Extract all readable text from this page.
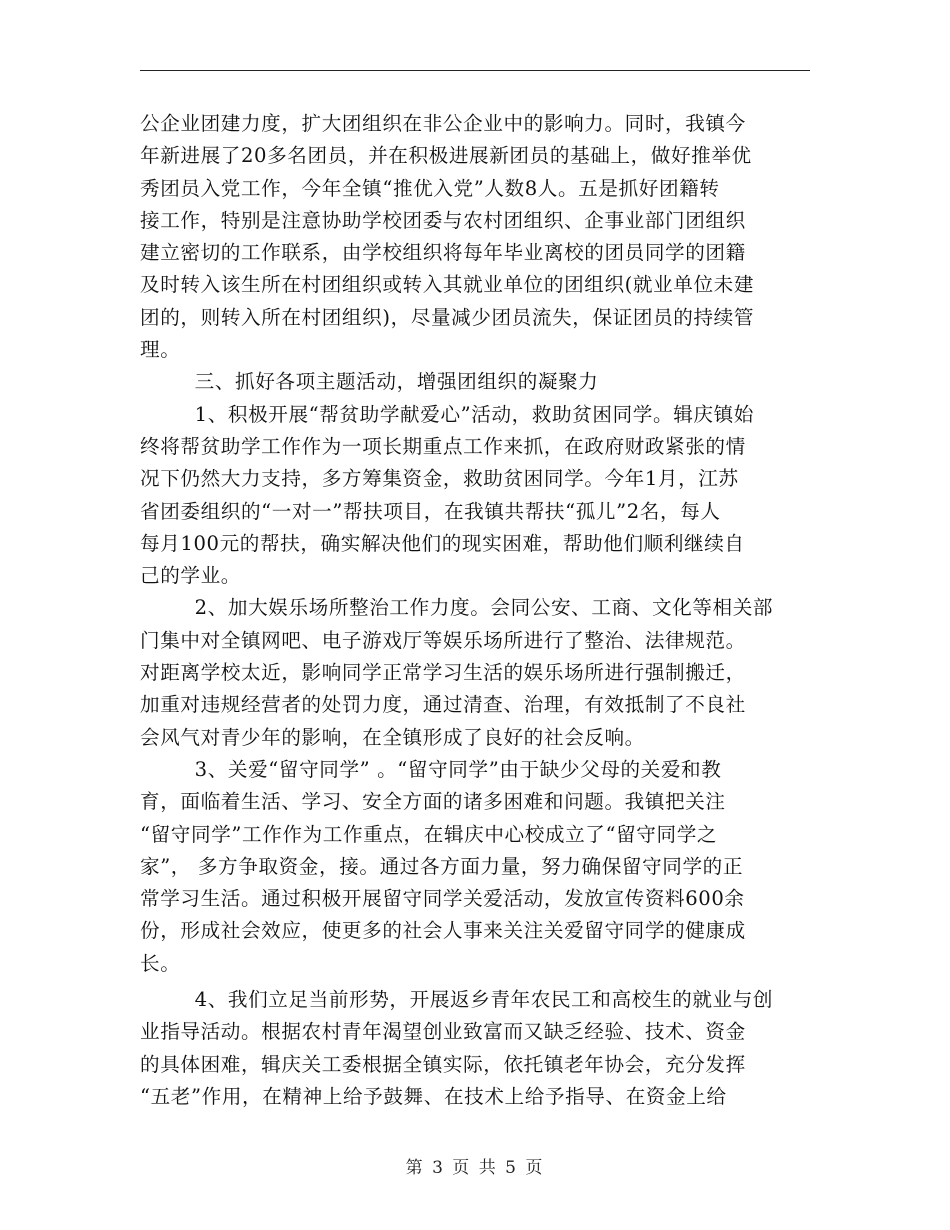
公企业团建力度，扩大团组织在非公企业中的影响力。同时，我镇今
年新进展了20多名团员，并在积极进展新团员的基础上，做好推举优
秀团员入党工作，今年全镇“推优入党”人数8人。五是抓好团籍转
接工作，特别是注意协助学校团委与农村团组织、企事业部门团组织
建立密切的工作联系，由学校组织将每年毕业离校的团员同学的团籍
及时转入该生所在村团组织或转入其就业单位的团组织(就业单位未建
团的，则转入所在村团组织)，尽量减少团员流失，保证团员的持续管
理。
三、抓好各项主题活动，增强团组织的凝聚力
1、积极开展“帮贫助学献爱心”活动，救助贫困同学。辑庆镇始
终将帮贫助学工作作为一项长期重点工作来抓，在政府财政紧张的情
况下仍然大力支持，多方筹集资金，救助贫困同学。今年1月，江苏
省团委组织的“一对一”帮扶项目，在我镇共帮扶“孤儿”2名，每人
每月100元的帮扶，确实解决他们的现实困难，帮助他们顺利继续自
己的学业。
2、加大娱乐场所整治工作力度。会同公安、工商、文化等相关部
门集中对全镇网吧、电子游戏厅等娱乐场所进行了整治、法律规范。
对距离学校太近，影响同学正常学习生活的娱乐场所进行强制搬迁，
加重对违规经营者的处罚力度，通过清查、治理，有效抵制了不良社
会风气对青少年的影响，在全镇形成了良好的社会反响。
3、关爱“留守同学” 。“留守同学”由于缺少父母的关爱和教
育，面临着生活、学习、安全方面的诸多困难和问题。我镇把关注
“留守同学”工作作为工作重点，在辑庆中心校成立了“留守同学之
家”， 多方争取资金，接。通过各方面力量，努力确保留守同学的正
常学习生活。通过积极开展留守同学关爱活动，发放宣传资料600余
份，形成社会效应，使更多的社会人事来关注关爱留守同学的健康成
长。
4、我们立足当前形势，开展返乡青年农民工和高校生的就业与创
业指导活动。根据农村青年渴望创业致富而又缺乏经验、技术、资金
的具体困难，辑庆关工委根据全镇实际，依托镇老年协会，充分发挥
“五老”作用，在精神上给予鼓舞、在技术上给予指导、在资金上给
第 3 页 共 5 页
